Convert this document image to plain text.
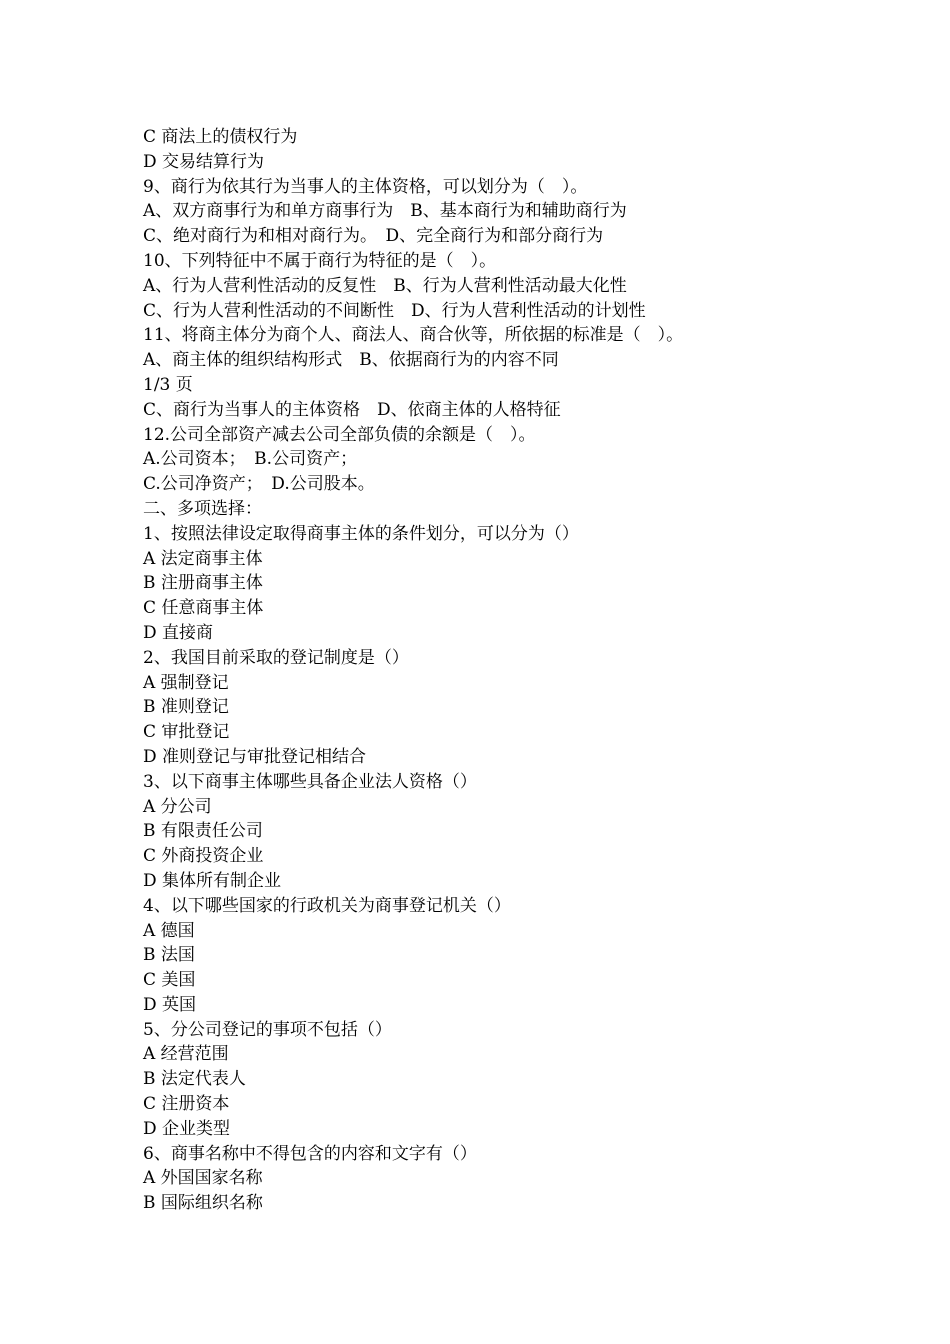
C 商法上的债权行为
D 交易结算行为
9、商行为依其行为当事人的主体资格，可以划分为（　）。
A、双方商事行为和单方商事行为　B、基本商行为和辅助商行为
C、绝对商行为和相对商行为。　D、完全商行为和部分商行为
10、下列特征中不属于商行为特征的是（　）。
A、行为人营利性活动的反复性　B、行为人营利性活动最大化性
C、行为人营利性活动的不间断性　D、行为人营利性活动的计划性
11、将商主体分为商个人、商法人、商合伙等，所依据的标准是（　）。
A、商主体的组织结构形式　B、依据商行为的内容不同
1/3 页
C、商行为当事人的主体资格　D、依商主体的人格特征
12.公司全部资产减去公司全部负债的余额是（　）。
A.公司资本；　B.公司资产；
C.公司净资产；　D.公司股本。
二、多项选择：
1、按照法律设定取得商事主体的条件划分，可以分为（）
A 法定商事主体
B 注册商事主体
C 任意商事主体
D 直接商
2、我国目前采取的登记制度是（）
A 强制登记
B 准则登记
C 审批登记
D 准则登记与审批登记相结合
3、以下商事主体哪些具备企业法人资格（）
A 分公司
B 有限责任公司
C 外商投资企业
D 集体所有制企业
4、以下哪些国家的行政机关为商事登记机关（）
A 德国
B 法国
C 美国
D 英国
5、分公司登记的事项不包括（）
A 经营范围
B 法定代表人
C 注册资本
D 企业类型
6、商事名称中不得包含的内容和文字有（）
A 外国国家名称
B 国际组织名称
